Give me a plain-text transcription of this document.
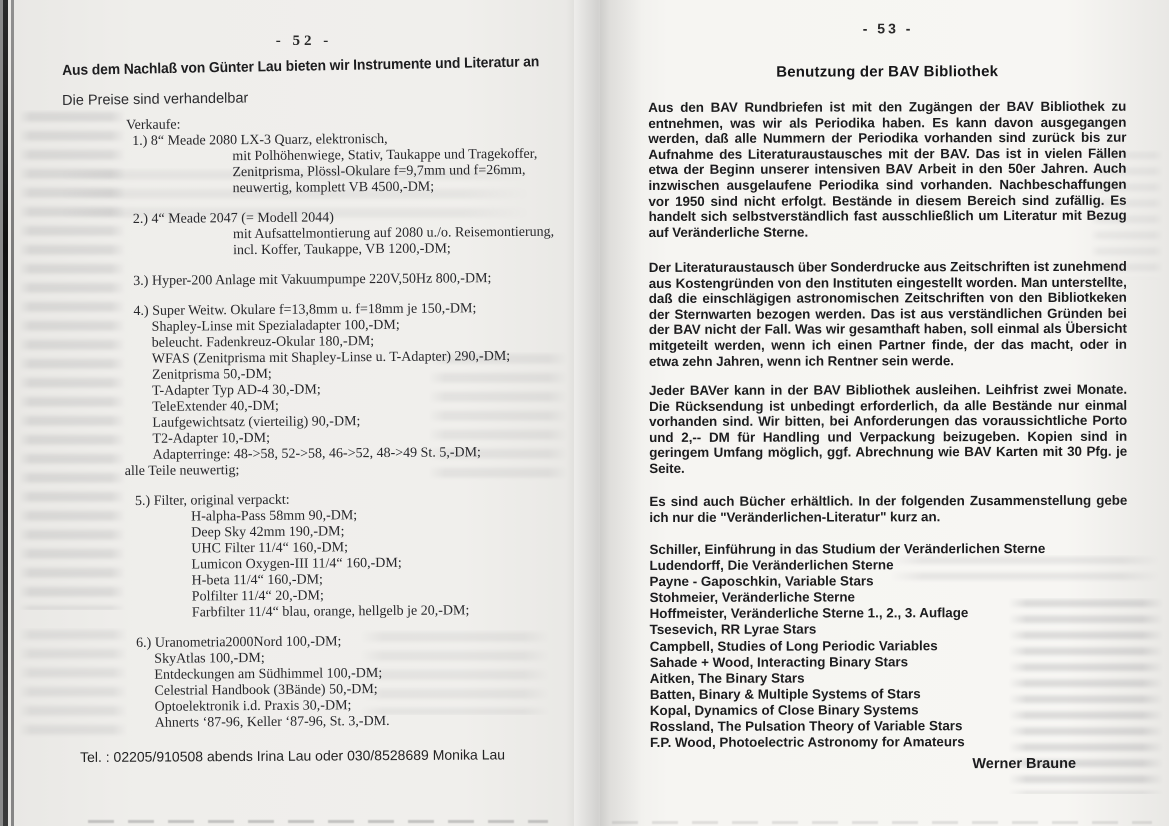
- 52 -
Aus dem Nachlaß von Günter Lau bieten wir Instrumente und Literatur an
Die Preise sind verhandelbar
Verkaufe:
1.) 8“ Meade 2080 LX-3 Quarz, elektronisch,
mit Polhöhenwiege, Stativ, Taukappe und Tragekoffer,
Zenitprisma, Plössl-Okulare f=9,7mm und f=26mm,
neuwertig, komplett VB 4500,-DM;
2.) 4“ Meade 2047 (= Modell 2044)
mit Aufsattelmontierung auf 2080 u./o. Reisemontierung,
incl. Koffer, Taukappe, VB 1200,-DM;
3.) Hyper-200 Anlage mit Vakuumpumpe 220V,50Hz 800,-DM;
4.) Super Weitw. Okulare f=13,8mm u. f=18mm je 150,-DM;
Shapley-Linse mit Spezialadapter 100,-DM;
beleucht. Fadenkreuz-Okular 180,-DM;
WFAS (Zenitprisma mit Shapley-Linse u. T-Adapter) 290,-DM;
Zenitprisma 50,-DM;
T-Adapter Typ AD-4 30,-DM;
TeleExtender 40,-DM;
Laufgewichtsatz (vierteilig) 90,-DM;
T2-Adapter 10,-DM;
Adapterringe: 48->58, 52->58, 46->52, 48->49 St. 5,-DM;
alle Teile neuwertig;
5.) Filter, original verpackt:
H-alpha-Pass 58mm 90,-DM;
Deep Sky 42mm 190,-DM;
UHC Filter 11/4“ 160,-DM;
Lumicon Oxygen-III 11/4“ 160,-DM;
H-beta 11/4“ 160,-DM;
Polfilter 11/4“ 20,-DM;
Farbfilter 11/4“ blau, orange, hellgelb je 20,-DM;
6.) Uranometria2000Nord 100,-DM;
SkyAtlas 100,-DM;
Entdeckungen am Südhimmel 100,-DM;
Celestrial Handbook (3Bände) 50,-DM;
Optoelektronik i.d. Praxis 30,-DM;
Ahnerts ‘87-96, Keller ‘87-96, St. 3,-DM.
Tel. : 02205/910508 abends Irina Lau oder 030/8528689 Monika Lau
- 53 -
Benutzung der BAV Bibliothek

Aus den BAV Rundbriefen ist mit den Zugängen der BAV Bibliothek zu entnehmen, was wir als Periodika haben. Es kann davon ausgegangen werden, daß alle Nummern der Periodika vorhanden sind zurück bis zur Aufnahme des Literaturaustausches mit der BAV. Das ist in vielen Fällen etwa der Beginn unserer intensiven BAV Arbeit in den 50er Jahren. Auch inzwischen ausgelaufene Periodika sind vorhanden. Nachbeschaffungen vor 1950 sind nicht erfolgt. Bestände in diesem Bereich sind zufällig. Es handelt sich selbstverständlich fast ausschließlich um Literatur mit Bezug auf Veränderliche Sterne.

Der Literaturaustausch über Sonderdrucke aus Zeitschriften ist zunehmend aus Kostengründen von den Instituten eingestellt worden. Man unterstellte, daß die einschlägigen astronomischen Zeitschriften von den Bibliotkeken der Sternwarten bezogen werden. Das ist aus verständlichen Gründen bei der BAV nicht der Fall. Was wir gesamthaft haben, soll einmal als Übersicht mitgeteilt werden, wenn ich einen Partner finde, der das macht, oder in etwa zehn Jahren, wenn ich Rentner sein werde.

Jeder BAVer kann in der BAV Bibliothek ausleihen. Leihfrist zwei Monate. Die Rücksendung ist unbedingt erforderlich, da alle Bestände nur einmal vorhanden sind. Wir bitten, bei Anforderungen das voraussichtliche Porto und 2,-- DM für Handling und Verpackung beizugeben. Kopien sind in geringem Umfang möglich, ggf. Abrechnung wie BAV Karten mit 30 Pfg. je Seite.

Es sind auch Bücher erhältlich. In der folgenden Zusammenstellung gebe ich nur die "Veränderlichen-Literatur" kurz an.

Schiller, Einführung in das Studium der Veränderlichen Sterne
Ludendorff, Die Veränderlichen Sterne
Payne - Gaposchkin, Variable Stars
Stohmeier, Veränderliche Sterne
Hoffmeister, Veränderliche Sterne 1., 2., 3. Auflage
Tsesevich, RR Lyrae Stars
Campbell, Studies of Long Periodic Variables
Sahade + Wood, Interacting Binary Stars
Aitken, The Binary Stars
Batten, Binary & Multiple Systems of Stars
Kopal, Dynamics of Close Binary Systems
Rossland, The Pulsation Theory of Variable Stars
F.P. Wood, Photoelectric Astronomy for Amateurs
Werner Braune
